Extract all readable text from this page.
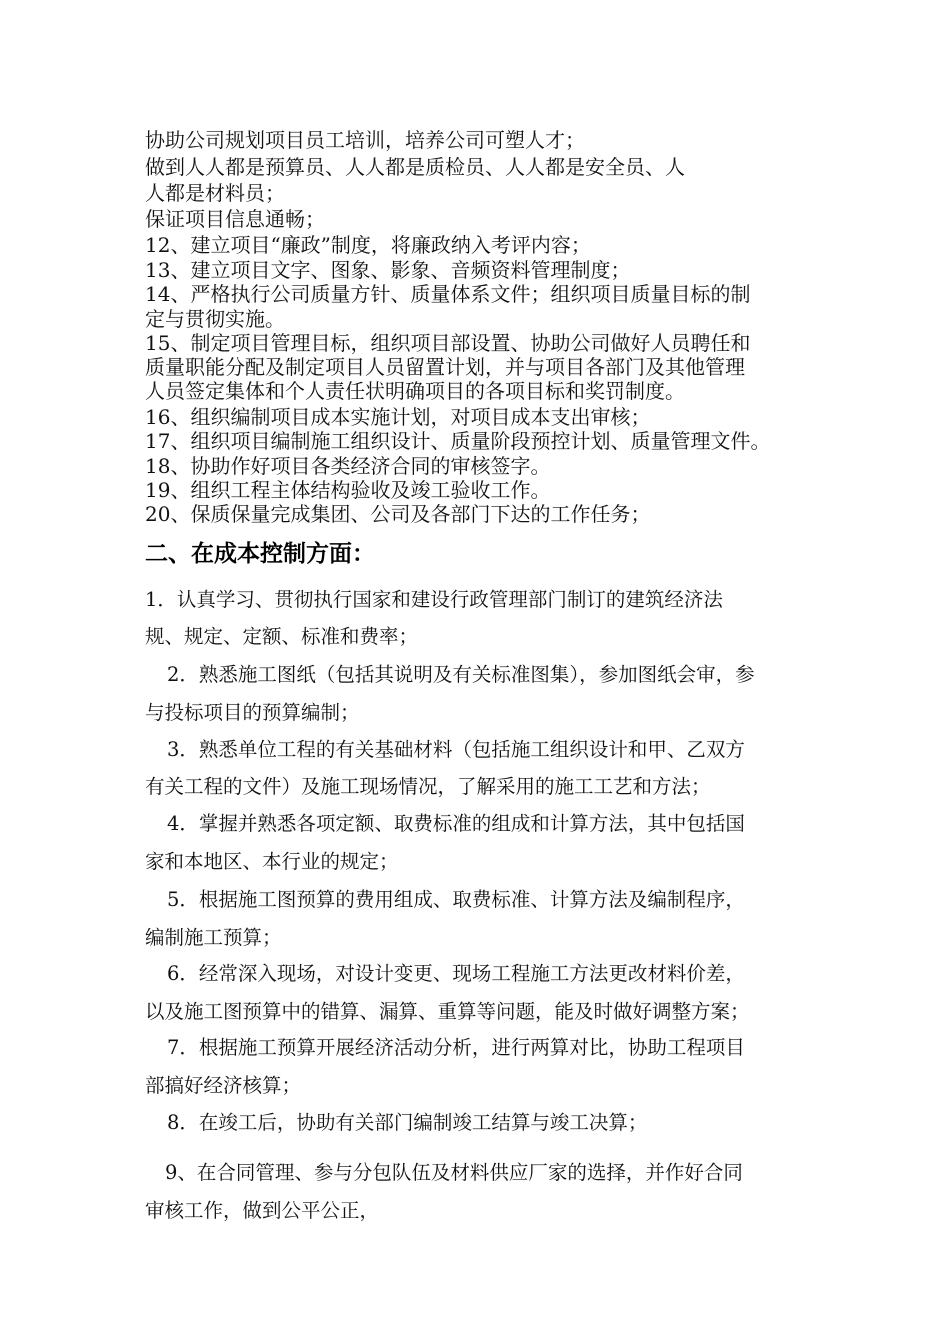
协助公司规划项目员工培训，培养公司可塑人才；
做到人人都是预算员、人人都是质检员、人人都是安全员、人
人都是材料员；
保证项目信息通畅；
12、建立项目“廉政”制度，将廉政纳入考评内容；
13、建立项目文字、图象、影象、音频资料管理制度；
14、严格执行公司质量方针、质量体系文件；组织项目质量目标的制
定与贯彻实施。
15、制定项目管理目标，组织项目部设置、协助公司做好人员聘任和
质量职能分配及制定项目人员留置计划，并与项目各部门及其他管理
人员签定集体和个人责任状明确项目的各项目标和奖罚制度。
16、组织编制项目成本实施计划，对项目成本支出审核；
17、组织项目编制施工组织设计、质量阶段预控计划、质量管理文件。
18、协助作好项目各类经济合同的审核签字。
19、组织工程主体结构验收及竣工验收工作。
20、保质保量完成集团、公司及各部门下达的工作任务；
二、在成本控制方面：
1．认真学习、贯彻执行国家和建设行政管理部门制订的建筑经济法
规、规定、定额、标准和费率；
2．熟悉施工图纸（包括其说明及有关标准图集），参加图纸会审，参
与投标项目的预算编制；
3．熟悉单位工程的有关基础材料（包括施工组织设计和甲、乙双方
有关工程的文件）及施工现场情况，了解采用的施工工艺和方法；
4．掌握并熟悉各项定额、取费标准的组成和计算方法，其中包括国
家和本地区、本行业的规定；
5．根据施工图预算的费用组成、取费标准、计算方法及编制程序，
编制施工预算；
6．经常深入现场，对设计变更、现场工程施工方法更改材料价差，
以及施工图预算中的错算、漏算、重算等问题，能及时做好调整方案；
7．根据施工预算开展经济活动分析，进行两算对比，协助工程项目
部搞好经济核算；
8．在竣工后，协助有关部门编制竣工结算与竣工决算；
9、在合同管理、参与分包队伍及材料供应厂家的选择，并作好合同
审核工作，做到公平公正，
